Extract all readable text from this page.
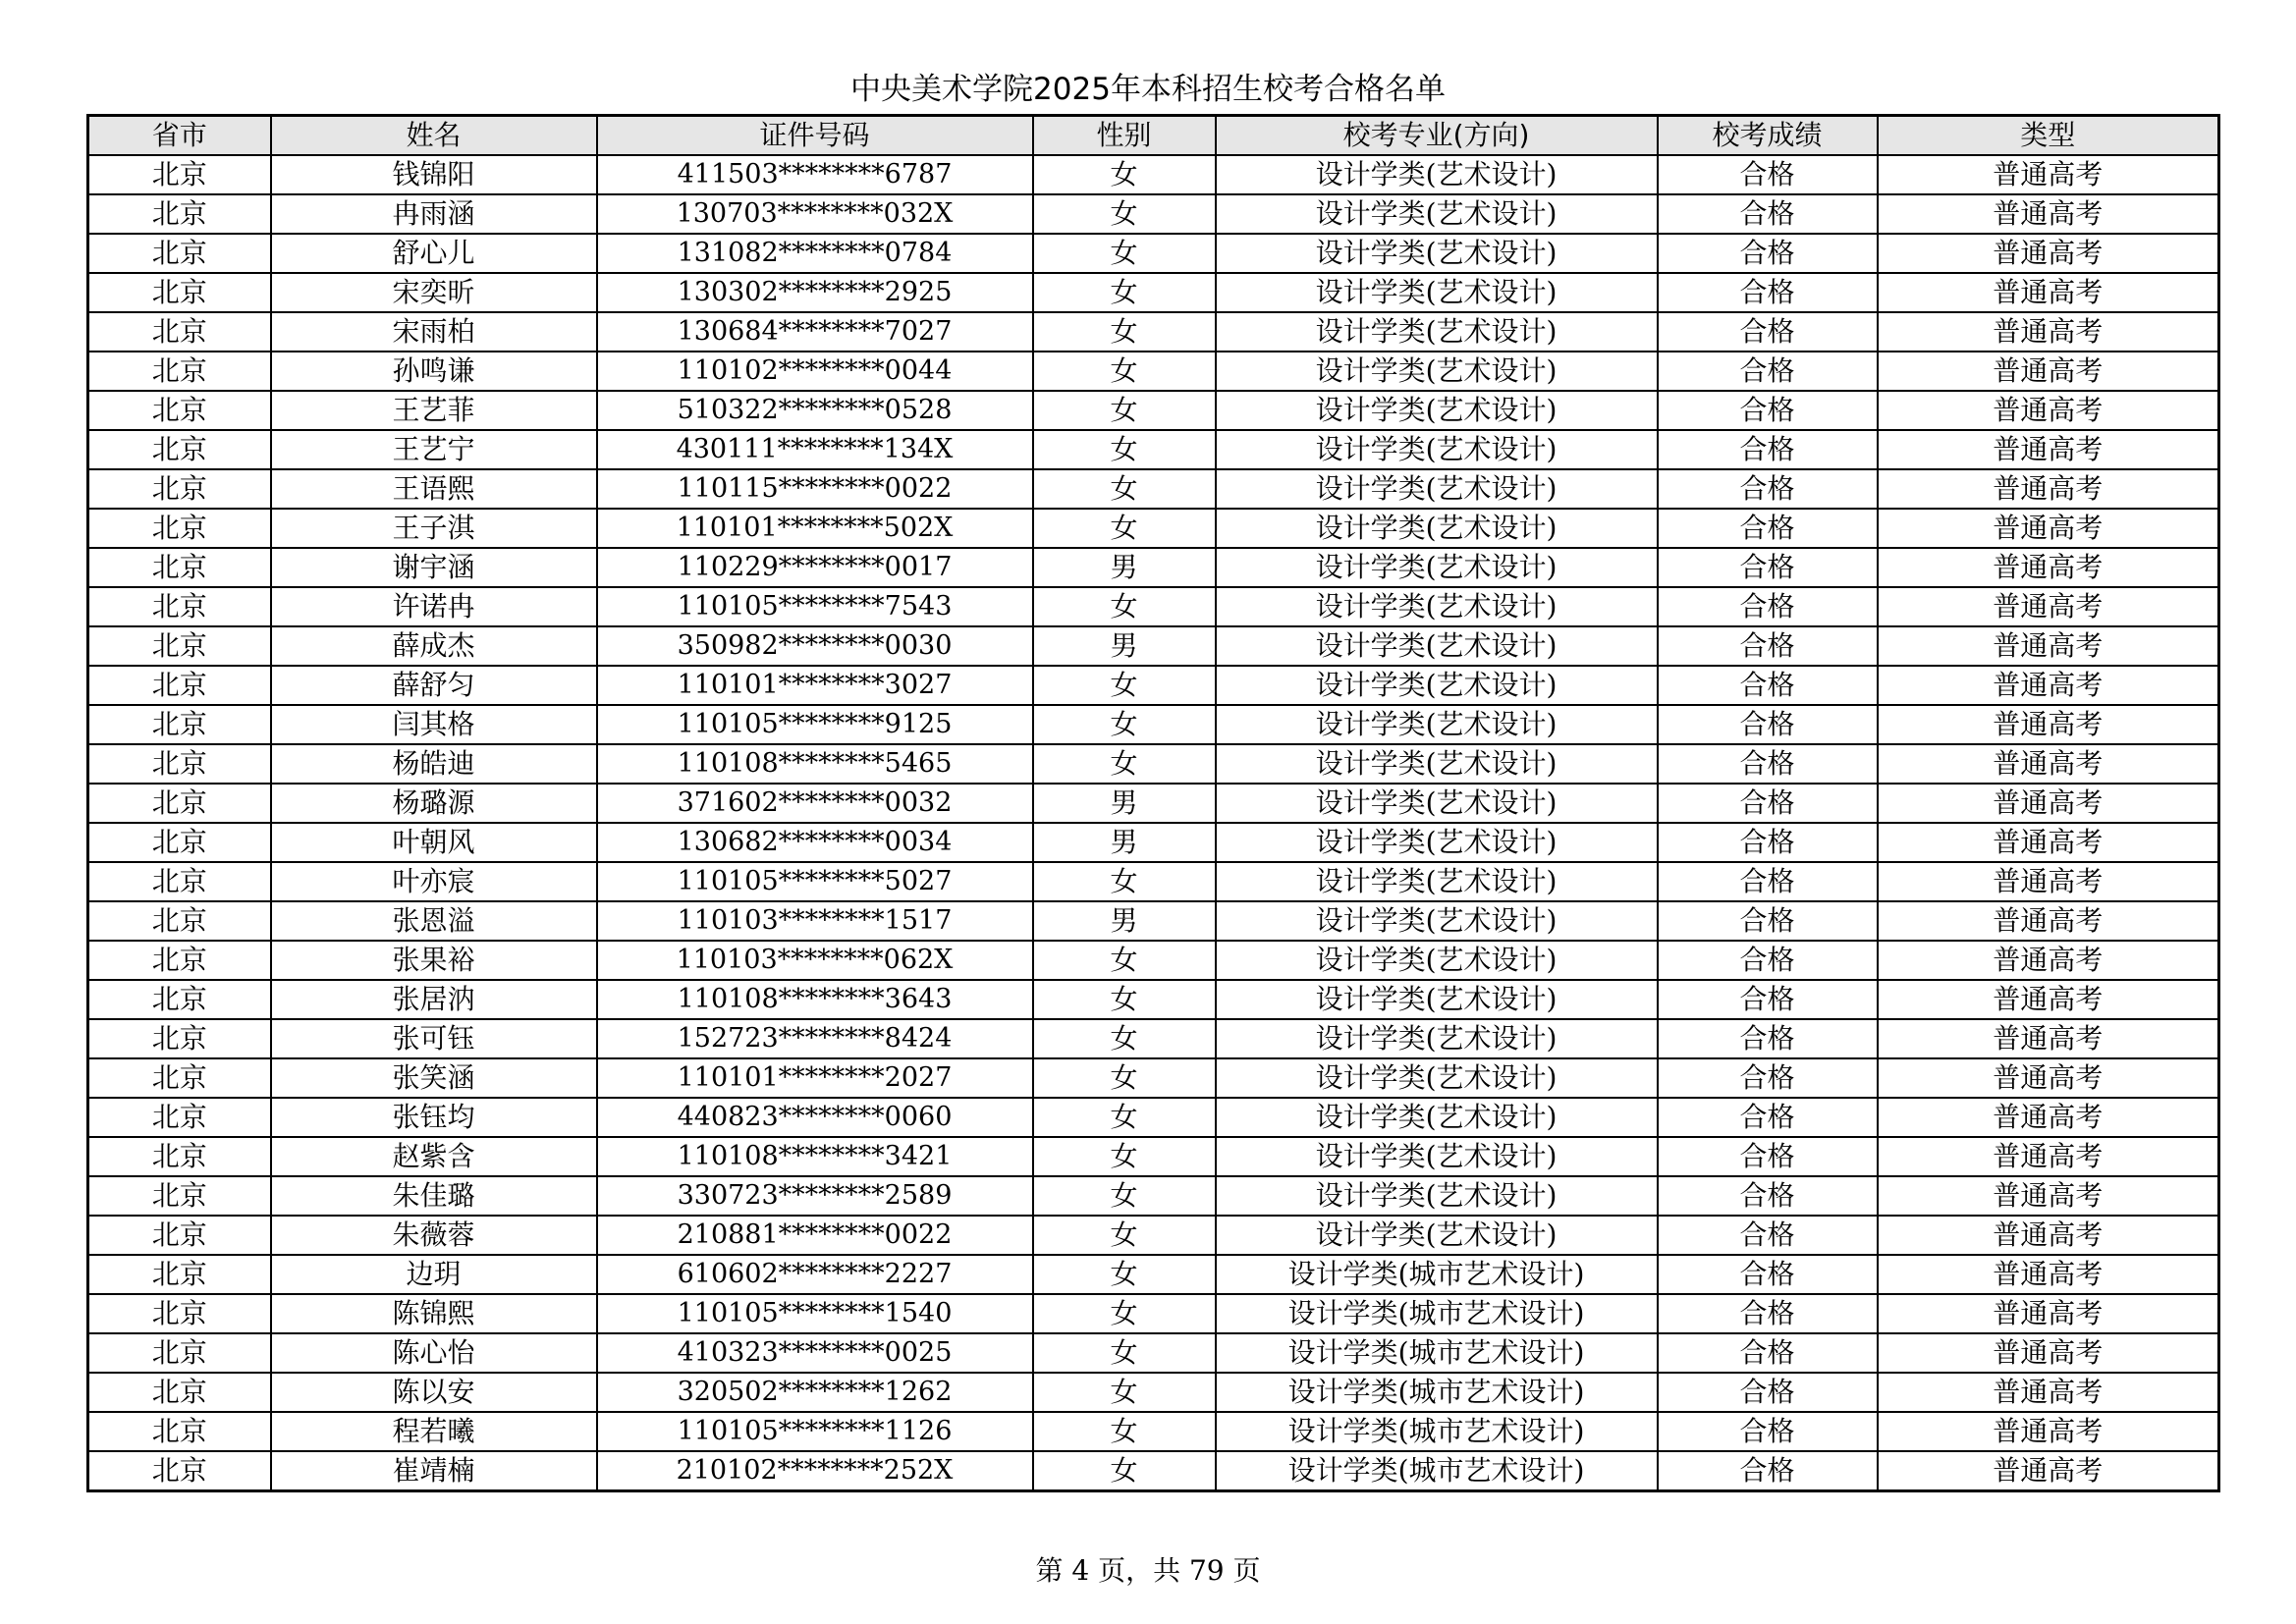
中央美术学院2025年本科招生校考合格名单
省市	姓名	证件号码	性别	校考专业(方向)	校考成绩	类型
北京	钱锦阳	411503********6787	女	设计学类(艺术设计)	合格	普通高考
北京	冉雨涵	130703********032X	女	设计学类(艺术设计)	合格	普通高考
北京	舒心儿	131082********0784	女	设计学类(艺术设计)	合格	普通高考
北京	宋奕昕	130302********2925	女	设计学类(艺术设计)	合格	普通高考
北京	宋雨柏	130684********7027	女	设计学类(艺术设计)	合格	普通高考
北京	孙鸣谦	110102********0044	女	设计学类(艺术设计)	合格	普通高考
北京	王艺菲	510322********0528	女	设计学类(艺术设计)	合格	普通高考
北京	王艺宁	430111********134X	女	设计学类(艺术设计)	合格	普通高考
北京	王语熙	110115********0022	女	设计学类(艺术设计)	合格	普通高考
北京	王子淇	110101********502X	女	设计学类(艺术设计)	合格	普通高考
北京	谢宇涵	110229********0017	男	设计学类(艺术设计)	合格	普通高考
北京	许诺冉	110105********7543	女	设计学类(艺术设计)	合格	普通高考
北京	薛成杰	350982********0030	男	设计学类(艺术设计)	合格	普通高考
北京	薛舒匀	110101********3027	女	设计学类(艺术设计)	合格	普通高考
北京	闫其格	110105********9125	女	设计学类(艺术设计)	合格	普通高考
北京	杨皓迪	110108********5465	女	设计学类(艺术设计)	合格	普通高考
北京	杨璐源	371602********0032	男	设计学类(艺术设计)	合格	普通高考
北京	叶朝风	130682********0034	男	设计学类(艺术设计)	合格	普通高考
北京	叶亦宸	110105********5027	女	设计学类(艺术设计)	合格	普通高考
北京	张恩溢	110103********1517	男	设计学类(艺术设计)	合格	普通高考
北京	张果裕	110103********062X	女	设计学类(艺术设计)	合格	普通高考
北京	张居汭	110108********3643	女	设计学类(艺术设计)	合格	普通高考
北京	张可钰	152723********8424	女	设计学类(艺术设计)	合格	普通高考
北京	张笑涵	110101********2027	女	设计学类(艺术设计)	合格	普通高考
北京	张钰均	440823********0060	女	设计学类(艺术设计)	合格	普通高考
北京	赵紫含	110108********3421	女	设计学类(艺术设计)	合格	普通高考
北京	朱佳璐	330723********2589	女	设计学类(艺术设计)	合格	普通高考
北京	朱薇蓉	210881********0022	女	设计学类(艺术设计)	合格	普通高考
北京	边玥	610602********2227	女	设计学类(城市艺术设计)	合格	普通高考
北京	陈锦熙	110105********1540	女	设计学类(城市艺术设计)	合格	普通高考
北京	陈心怡	410323********0025	女	设计学类(城市艺术设计)	合格	普通高考
北京	陈以安	320502********1262	女	设计学类(城市艺术设计)	合格	普通高考
北京	程若曦	110105********1126	女	设计学类(城市艺术设计)	合格	普通高考
北京	崔靖楠	210102********252X	女	设计学类(城市艺术设计)	合格	普通高考
第 4 页，共 79 页
